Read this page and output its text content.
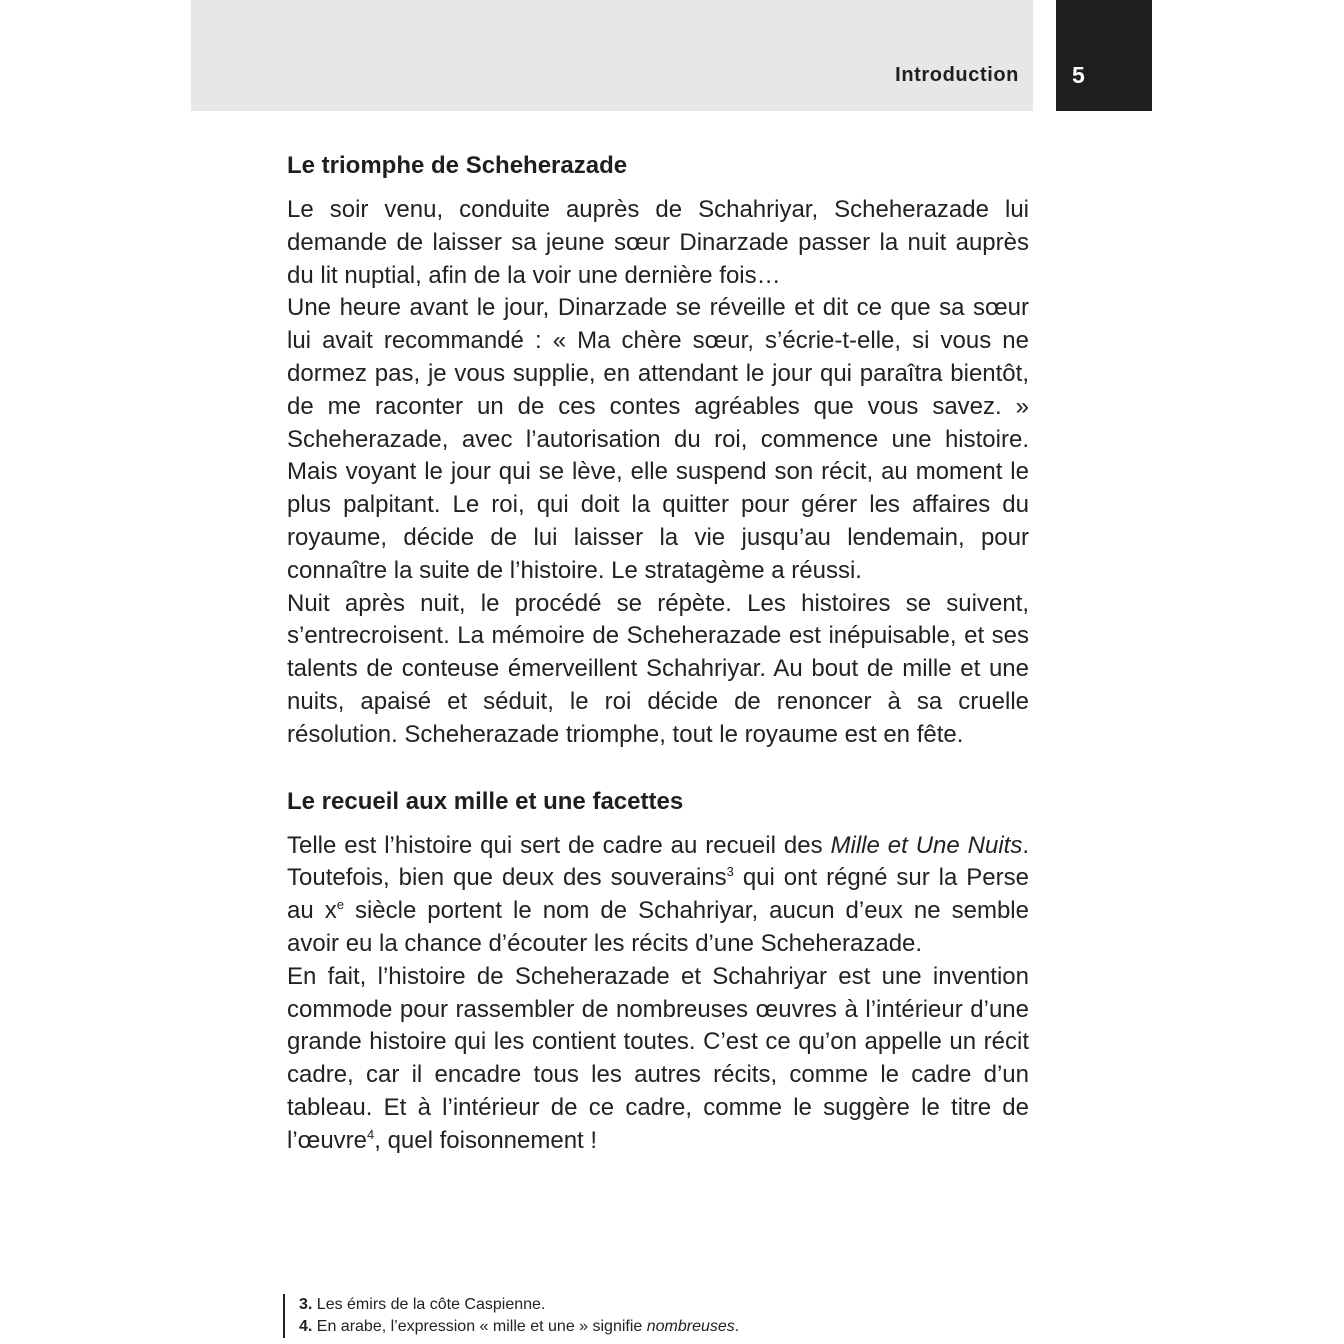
Introduction 5
Le triomphe de Scheherazade

Le soir venu, conduite auprès de Schahriyar, Scheherazade lui demande de laisser sa jeune sœur Dinarzade passer la nuit auprès du lit nuptial, afin de la voir une dernière fois…

Une heure avant le jour, Dinarzade se réveille et dit ce que sa sœur lui avait recommandé : « Ma chère sœur, s’écrie-t-elle, si vous ne dormez pas, je vous supplie, en attendant le jour qui paraîtra bientôt, de me raconter un de ces contes agréables que vous savez. » Scheherazade, avec l’autorisation du roi, commence une histoire. Mais voyant le jour qui se lève, elle suspend son récit, au moment le plus palpitant. Le roi, qui doit la quitter pour gérer les affaires du royaume, décide de lui laisser la vie jusqu’au lendemain, pour connaître la suite de l’histoire. Le stratagème a réussi.

Nuit après nuit, le procédé se répète. Les histoires se suivent, s’entrecroisent. La mémoire de Scheherazade est inépuisable, et ses talents de conteuse émerveillent Schahriyar. Au bout de mille et une nuits, apaisé et séduit, le roi décide de renoncer à sa cruelle résolution. Scheherazade triomphe, tout le royaume est en fête.

Le recueil aux mille et une facettes

Telle est l’histoire qui sert de cadre au recueil des Mille et Une Nuits. Toutefois, bien que deux des souverains$^3$ qui ont régné sur la Perse au $x^e$ siècle portent le nom de Schahriyar, aucun d’eux ne semble avoir eu la chance d’écouter les récits d’une Scheherazade.

En fait, l’histoire de Scheherazade et Schahriyar est une invention commode pour rassembler de nombreuses œuvres à l’intérieur d’une grande histoire qui les contient toutes. C’est ce qu’on appelle un récit cadre, car il encadre tous les autres récits, comme le cadre d’un tableau. Et à l’intérieur de ce cadre, comme le suggère le titre de l’œuvre$^4$, quel foisonnement !

3. Les émirs de la côte Caspienne.
4. En arabe, l’expression « mille et une » signifie nombreuses.
